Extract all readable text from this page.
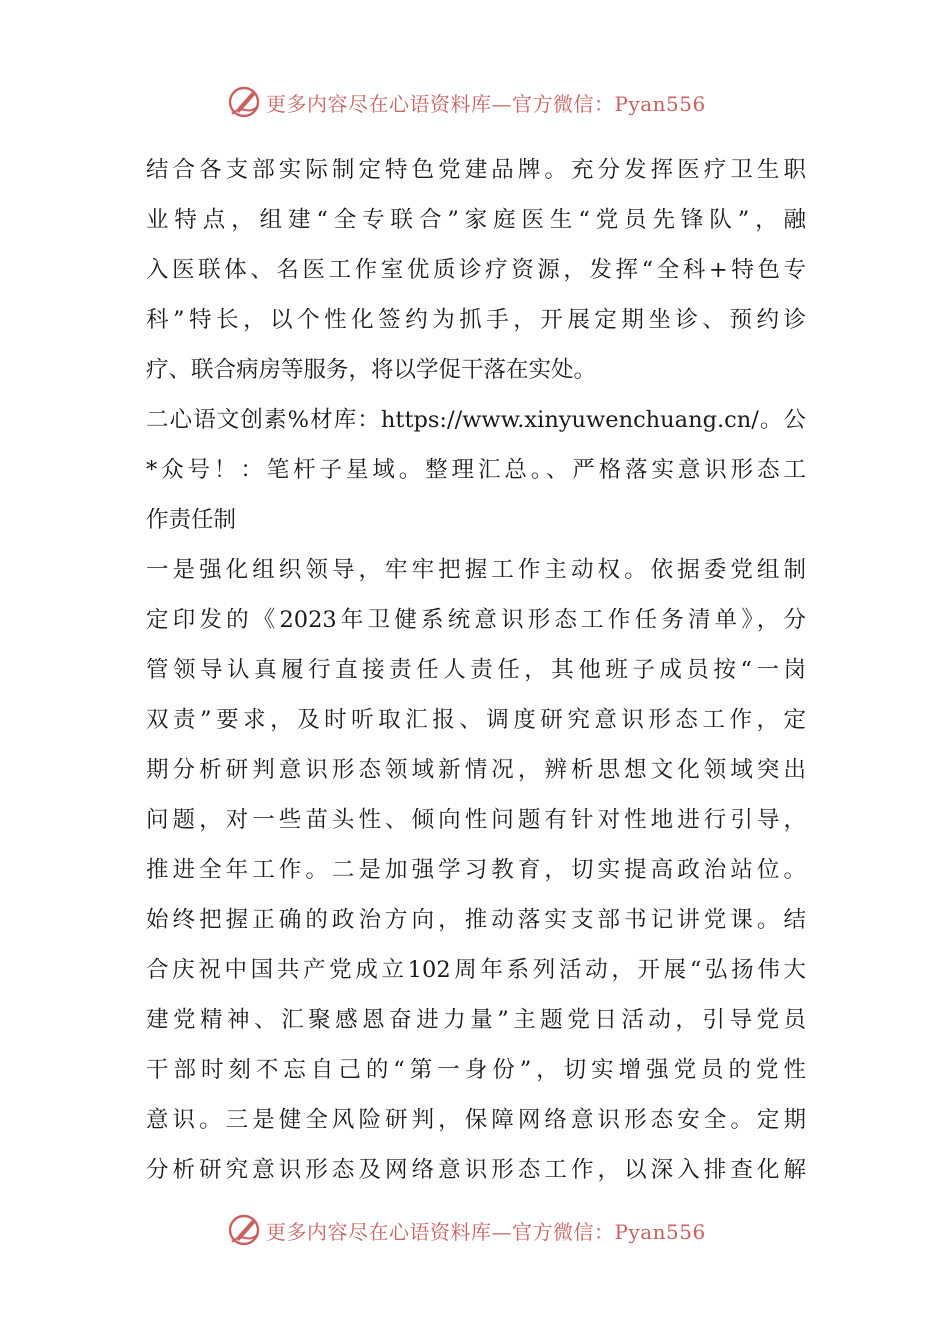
更多内容尽在心语资料库—官方微信：Pyan556
结合各支部实际制定特色党建品牌。充分发挥医疗卫生职
业特点，组建“全专联合”家庭医生“党员先锋队”，融
入医联体、名医工作室优质诊疗资源，发挥“全科+特色专
科”特长，以个性化签约为抓手，开展定期坐诊、预约诊
疗、联合病房等服务，将以学促干落在实处。
二心语文创素%材库：https://www.xinyuwenchuang.cn/。公
*众号！：笔杆子星域。整理汇总。、严格落实意识形态工
作责任制
一是强化组织领导，牢牢把握工作主动权。依据委党组制
定印发的《2023年卫健系统意识形态工作任务清单》，分
管领导认真履行直接责任人责任，其他班子成员按“一岗
双责”要求，及时听取汇报、调度研究意识形态工作，定
期分析研判意识形态领域新情况，辨析思想文化领域突出
问题，对一些苗头性、倾向性问题有针对性地进行引导，
推进全年工作。二是加强学习教育，切实提高政治站位。
始终把握正确的政治方向，推动落实支部书记讲党课。结
合庆祝中国共产党成立102周年系列活动，开展“弘扬伟大
建党精神、汇聚感恩奋进力量”主题党日活动，引导党员
干部时刻不忘自己的“第一身份”，切实增强党员的党性
意识。三是健全风险研判，保障网络意识形态安全。定期
分析研究意识形态及网络意识形态工作，以深入排查化解
更多内容尽在心语资料库—官方微信：Pyan556
